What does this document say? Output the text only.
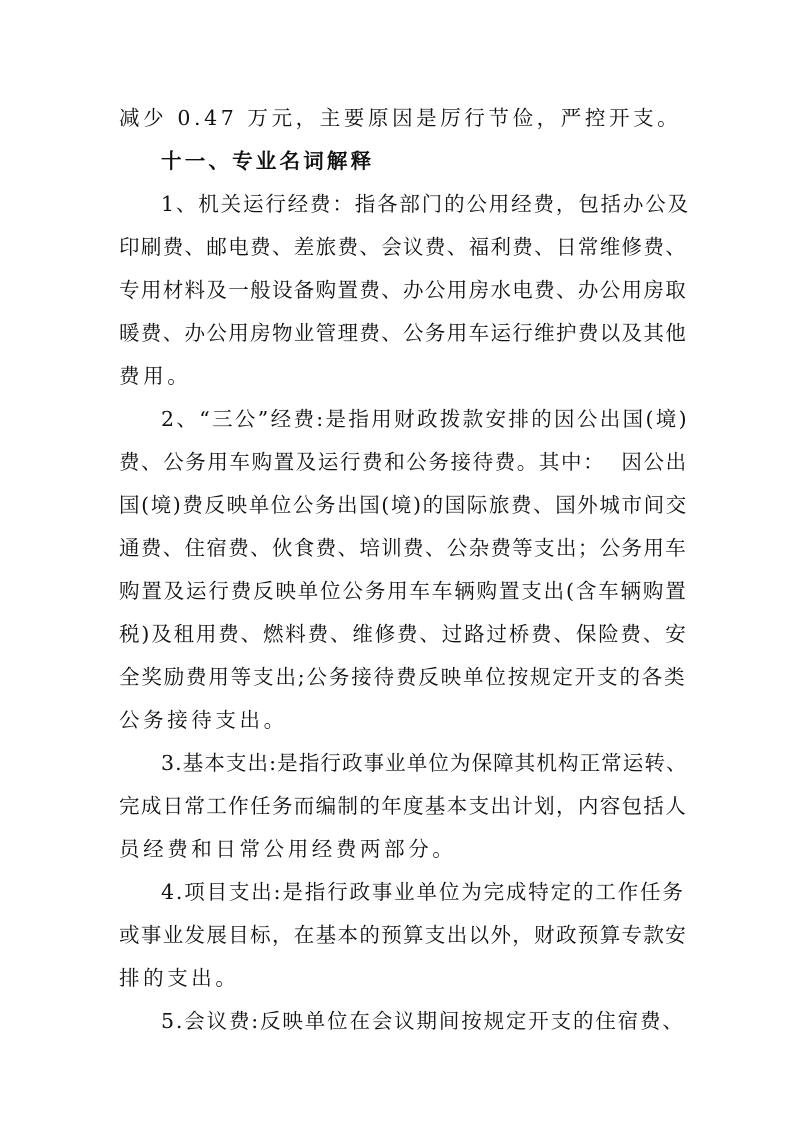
减少 0.47 万元，主要原因是厉行节俭，严控开支。
十一、专业名词解释
1、机关运行经费：指各部门的公用经费，包括办公及
印刷费、邮电费、差旅费、会议费、福利费、日常维修费、
专用材料及一般设备购置费、办公用房水电费、办公用房取
暖费、办公用房物业管理费、公务用车运行维护费以及其他
费用。
2、“三公”经费:是指用财政拨款安排的因公出国(境)
费、公务用车购置及运行费和公务接待费。其中：  因公出
国(境)费反映单位公务出国(境)的国际旅费、国外城市间交
通费、住宿费、伙食费、培训费、公杂费等支出；公务用车
购置及运行费反映单位公务用车车辆购置支出(含车辆购置
税)及租用费、燃料费、维修费、过路过桥费、保险费、安
全奖励费用等支出;公务接待费反映单位按规定开支的各类
公务接待支出。
3.基本支出:是指行政事业单位为保障其机构正常运转、
完成日常工作任务而编制的年度基本支出计划，内容包括人
员经费和日常公用经费两部分。
4.项目支出:是指行政事业单位为完成特定的工作任务
或事业发展目标，在基本的预算支出以外，财政预算专款安
排的支出。
5.会议费:反映单位在会议期间按规定开支的住宿费、
